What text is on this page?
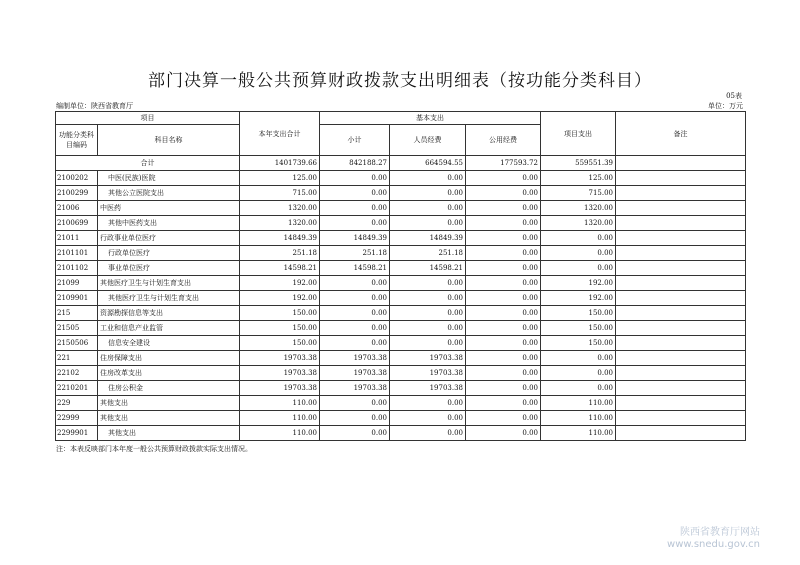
部门决算一般公共预算财政拨款支出明细表（按功能分类科目）
05表
编制单位：陕西省教育厅	单位：万元
项目		本年支出合计	基本支出			项目支出	备注
功能分类科目编码	科目名称		小计	人员经费	公用经费		
合计		1401739.66	842188.27	664594.55	177593.72	559551.39	
2100202	中医(民族)医院	125.00	0.00	0.00	0.00	125.00	
2100299	其他公立医院支出	715.00	0.00	0.00	0.00	715.00	
21006	中医药	1320.00	0.00	0.00	0.00	1320.00	
2100699	其他中医药支出	1320.00	0.00	0.00	0.00	1320.00	
21011	行政事业单位医疗	14849.39	14849.39	14849.39	0.00	0.00	
2101101	行政单位医疗	251.18	251.18	251.18	0.00	0.00	
2101102	事业单位医疗	14598.21	14598.21	14598.21	0.00	0.00	
21099	其他医疗卫生与计划生育支出	192.00	0.00	0.00	0.00	192.00	
2109901	其他医疗卫生与计划生育支出	192.00	0.00	0.00	0.00	192.00	
215	资源勘探信息等支出	150.00	0.00	0.00	0.00	150.00	
21505	工业和信息产业监管	150.00	0.00	0.00	0.00	150.00	
2150506	信息安全建设	150.00	0.00	0.00	0.00	150.00	
221	住房保障支出	19703.38	19703.38	19703.38	0.00	0.00	
22102	住房改革支出	19703.38	19703.38	19703.38	0.00	0.00	
2210201	住房公积金	19703.38	19703.38	19703.38	0.00	0.00	
229	其他支出	110.00	0.00	0.00	0.00	110.00	
22999	其他支出	110.00	0.00	0.00	0.00	110.00	
2299901	其他支出	110.00	0.00	0.00	0.00	110.00	
注：本表反映部门本年度一般公共预算财政拨款实际支出情况。
陕西省教育厅网站
www.snedu.gov.cn
